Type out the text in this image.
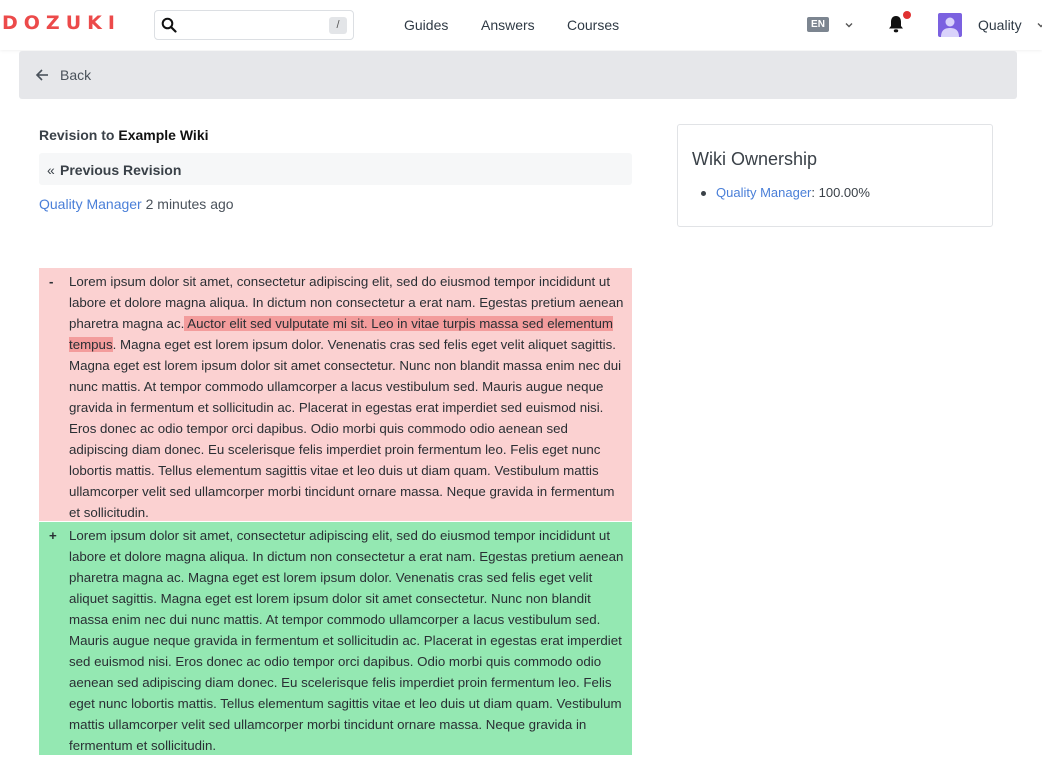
DOZUKI	/	Guides Answers Courses	EN	Quality
Back
Revision to Example Wiki
« Previous Revision
Quality Manager 2 minutes ago
- Lorem ipsum dolor sit amet, consectetur adipiscing elit, sed do eiusmod tempor incididunt ut labore et dolore magna aliqua. In dictum non consectetur a erat nam. Egestas pretium aenean pharetra magna ac. Auctor elit sed vulputate mi sit. Leo in vitae turpis massa sed elementum tempus. Magna eget est lorem ipsum dolor. Venenatis cras sed felis eget velit aliquet sagittis. Magna eget est lorem ipsum dolor sit amet consectetur. Nunc non blandit massa enim nec dui nunc mattis. At tempor commodo ullamcorper a lacus vestibulum sed. Mauris augue neque gravida in fermentum et sollicitudin ac. Placerat in egestas erat imperdiet sed euismod nisi. Eros donec ac odio tempor orci dapibus. Odio morbi quis commodo odio aenean sed adipiscing diam donec. Eu scelerisque felis imperdiet proin fermentum leo. Felis eget nunc lobortis mattis. Tellus elementum sagittis vitae et leo duis ut diam quam. Vestibulum mattis ullamcorper velit sed ullamcorper morbi tincidunt ornare massa. Neque gravida in fermentum et sollicitudin.
+ Lorem ipsum dolor sit amet, consectetur adipiscing elit, sed do eiusmod tempor incididunt ut labore et dolore magna aliqua. In dictum non consectetur a erat nam. Egestas pretium aenean pharetra magna ac. Magna eget est lorem ipsum dolor. Venenatis cras sed felis eget velit aliquet sagittis. Magna eget est lorem ipsum dolor sit amet consectetur. Nunc non blandit massa enim nec dui nunc mattis. At tempor commodo ullamcorper a lacus vestibulum sed. Mauris augue neque gravida in fermentum et sollicitudin ac. Placerat in egestas erat imperdiet sed euismod nisi. Eros donec ac odio tempor orci dapibus. Odio morbi quis commodo odio aenean sed adipiscing diam donec. Eu scelerisque felis imperdiet proin fermentum leo. Felis eget nunc lobortis mattis. Tellus elementum sagittis vitae et leo duis ut diam quam. Vestibulum mattis ullamcorper velit sed ullamcorper morbi tincidunt ornare massa. Neque gravida in fermentum et sollicitudin.
Wiki Ownership
Quality Manager: 100.00%
